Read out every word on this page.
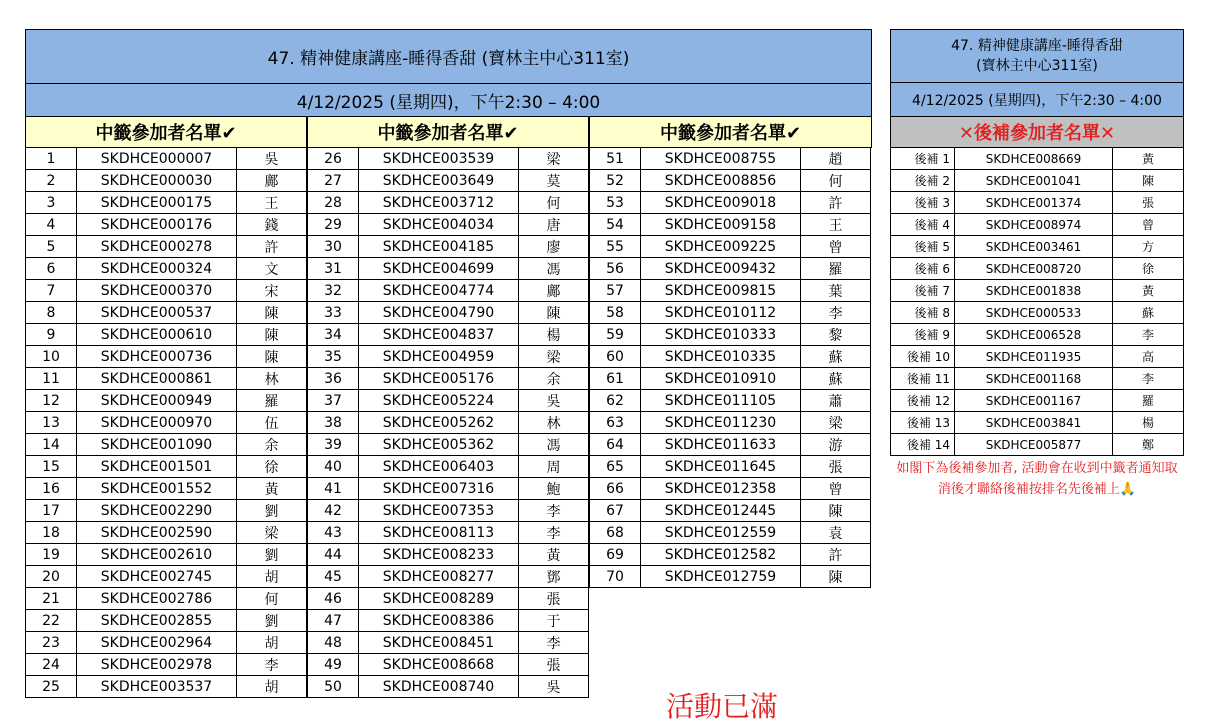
47. 精神健康講座-睡得香甜 (寶林主中心311室)
4/12/2025 (星期四)，下午2:30 – 4:00
中籤參加者名單✔
1	SKDHCE000007	吳
2	SKDHCE000030	鄺
3	SKDHCE000175	王
4	SKDHCE000176	錢
5	SKDHCE000278	許
6	SKDHCE000324	文
7	SKDHCE000370	宋
8	SKDHCE000537	陳
9	SKDHCE000610	陳
10	SKDHCE000736	陳
11	SKDHCE000861	林
12	SKDHCE000949	羅
13	SKDHCE000970	伍
14	SKDHCE001090	余
15	SKDHCE001501	徐
16	SKDHCE001552	黃
17	SKDHCE002290	劉
18	SKDHCE002590	梁
19	SKDHCE002610	劉
20	SKDHCE002745	胡
21	SKDHCE002786	何
22	SKDHCE002855	劉
23	SKDHCE002964	胡
24	SKDHCE002978	李
25	SKDHCE003537	胡
中籤參加者名單✔
26	SKDHCE003539	梁
27	SKDHCE003649	莫
28	SKDHCE003712	何
29	SKDHCE004034	唐
30	SKDHCE004185	廖
31	SKDHCE004699	馮
32	SKDHCE004774	鄺
33	SKDHCE004790	陳
34	SKDHCE004837	楊
35	SKDHCE004959	梁
36	SKDHCE005176	余
37	SKDHCE005224	吳
38	SKDHCE005262	林
39	SKDHCE005362	馮
40	SKDHCE006403	周
41	SKDHCE007316	鮑
42	SKDHCE007353	李
43	SKDHCE008113	李
44	SKDHCE008233	黃
45	SKDHCE008277	鄧
46	SKDHCE008289	張
47	SKDHCE008386	于
48	SKDHCE008451	李
49	SKDHCE008668	張
50	SKDHCE008740	吳
中籤參加者名單✔
51	SKDHCE008755	趙
52	SKDHCE008856	何
53	SKDHCE009018	許
54	SKDHCE009158	王
55	SKDHCE009225	曾
56	SKDHCE009432	羅
57	SKDHCE009815	葉
58	SKDHCE010112	李
59	SKDHCE010333	黎
60	SKDHCE010335	蘇
61	SKDHCE010910	蘇
62	SKDHCE011105	蕭
63	SKDHCE011230	梁
64	SKDHCE011633	游
65	SKDHCE011645	張
66	SKDHCE012358	曾
67	SKDHCE012445	陳
68	SKDHCE012559	袁
69	SKDHCE012582	許
70	SKDHCE012759	陳
活動已滿
47. 精神健康講座-睡得香甜
(寶林主中心311室)
4/12/2025 (星期四)，下午2:30 – 4:00
✕後補參加者名單✕
後補 1	SKDHCE008669	黃
後補 2	SKDHCE001041	陳
後補 3	SKDHCE001374	張
後補 4	SKDHCE008974	曾
後補 5	SKDHCE003461	方
後補 6	SKDHCE008720	徐
後補 7	SKDHCE001838	黃
後補 8	SKDHCE000533	蘇
後補 9	SKDHCE006528	李
後補 10	SKDHCE011935	高
後補 11	SKDHCE001168	李
後補 12	SKDHCE001167	羅
後補 13	SKDHCE003841	楊
後補 14	SKDHCE005877	鄭
如閣下為後補參加者, 活動會在收到中籤者通知取消後才聯絡後補按排名先後補上🙏
